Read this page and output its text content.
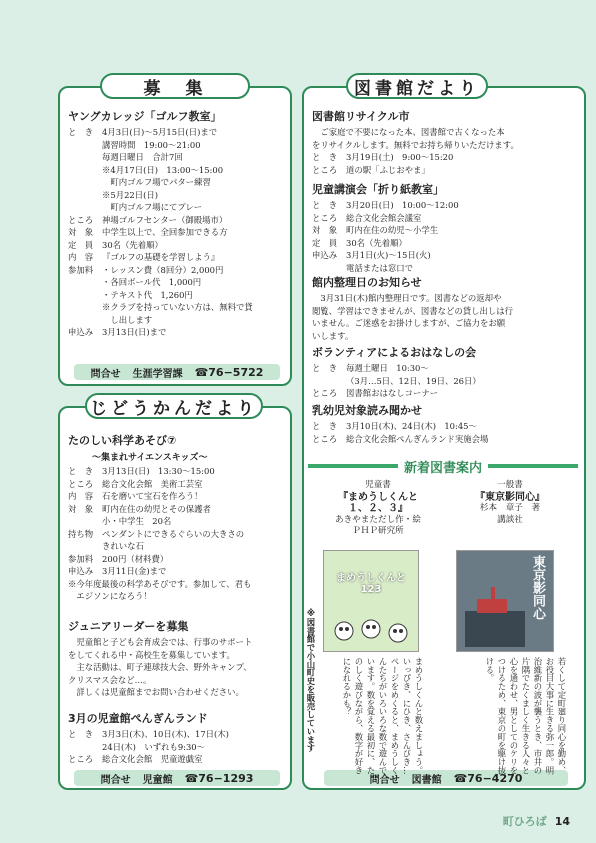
募　集
ヤングカレッジ「ゴルフ教室」
と　き	4月3日(日)～5月15日(日)まで
講習時間　19:00～21:00
毎週日曜日　合計7回
※4月17日(日)　13:00～15:00
　町内ゴルフ場でパター練習
※5月22日(日)
　町内ゴルフ場にてプレー
ところ	神場ゴルフセンター（御殿場市）
対　象	中学生以上で、全回参加できる方
定　員	30名（先着順）
内　容	『ゴルフの基礎を学習しよう』
参加料	・レッスン費（8回分）2,000円
・各回ボール代　1,000円
・テキスト代　1,260円
※クラブを持っていない方は、無料で貸
　し出します
申込み	3月13日(日)まで
問合せ 生涯学習課 ☎76−5722
じどうかんだより
たのしい科学あそび⑦
～集まれサイエンスキッズ～
と　き	3月13日(日)　13:30～15:00
ところ	総合文化会館　美術工芸室
内　容	石を磨いて宝石を作ろう！
対　象	町内在住の幼児とその保護者
小・中学生　20名
持ち物	ペンダントにできるぐらいの大きさの
きれいな石
参加料	200円（材料費）
申込み	3月11日(金)まで

※今年度最後の科学あそびです。参加して、君も

　エジソンになろう！

ジュニアリーダーを募集

　児童館と子ども会育成会では、行事のサポート

をしてくれる中・高校生を募集しています。

　主な活動は、町子連球技大会、野外キャンプ、

クリスマス会など…。

　詳しくは児童館までお問い合わせください。

3月の児童館ぺんぎんランド
と　き	3月3日(木)、10日(木)、17日(木)
24日(木)　いずれも9:30～
ところ	総合文化会館　児童遊戯室
問合せ 児童館 ☎76−1293
図書館だより
図書館リサイクル市

　ご家庭で不要になった本、図書館で古くなった本

をリサイクルします。無料でお持ち帰りいただけます。

と　き	3月19日(土)　9:00～15:20
ところ	道の駅「ふじおやま」
児童講演会「折り紙教室」
と　き	3月20日(日)　10:00～12:00
ところ	総合文化会館会議室
対　象	町内在住の幼児～小学生
定　員	30名（先着順）
申込み	3月1日(火)～15日(火)
電話または窓口で
館内整理日のお知らせ

　3月31日(木)館内整理日です。図書などの返却や

閲覧、学習はできませんが、図書などの貸し出しは行

いません。ご迷惑をお掛けしますが、ご協力をお願

いします。

ボランティアによるおはなしの会
と　き	毎週土曜日　10:30～
（3月…5日、12日、19日、26日）
ところ	図書館おはなしコーナー
乳幼児対象読み聞かせ
と　き	3月10日(木)、24日(木)　10:45～
ところ	総合文化会館ぺんぎんランド実施会場
問合せ 図書館 ☎76−4270
新着図書案内
児童書
『まめうしくんと
１、２、３』
あきやまただし作・絵
ＰＨＰ研究所
一般書
『東京影同心』
杉本　章子　著
講談社
まめうしくんと 123	東京影同心
※図書館で小山町史を販売しています	まめうしくんと数えましょう。いっぴき、にひき、さんびき…ページをめくると、まめうしくんたちがいろいろな数で遊んでいます。数を覚える最初に、たのしく遊びながら、数字が好きになれるかも？	若くして定町廻り同心を勤め、お役目大事に生きる弥一郎。明治維新の波が襲うとき、市井の片隅でたくましく生きる人々と心を通わせ、男としてのケリをつけるため、東京の町を駆け抜ける。
町ひろば 14
